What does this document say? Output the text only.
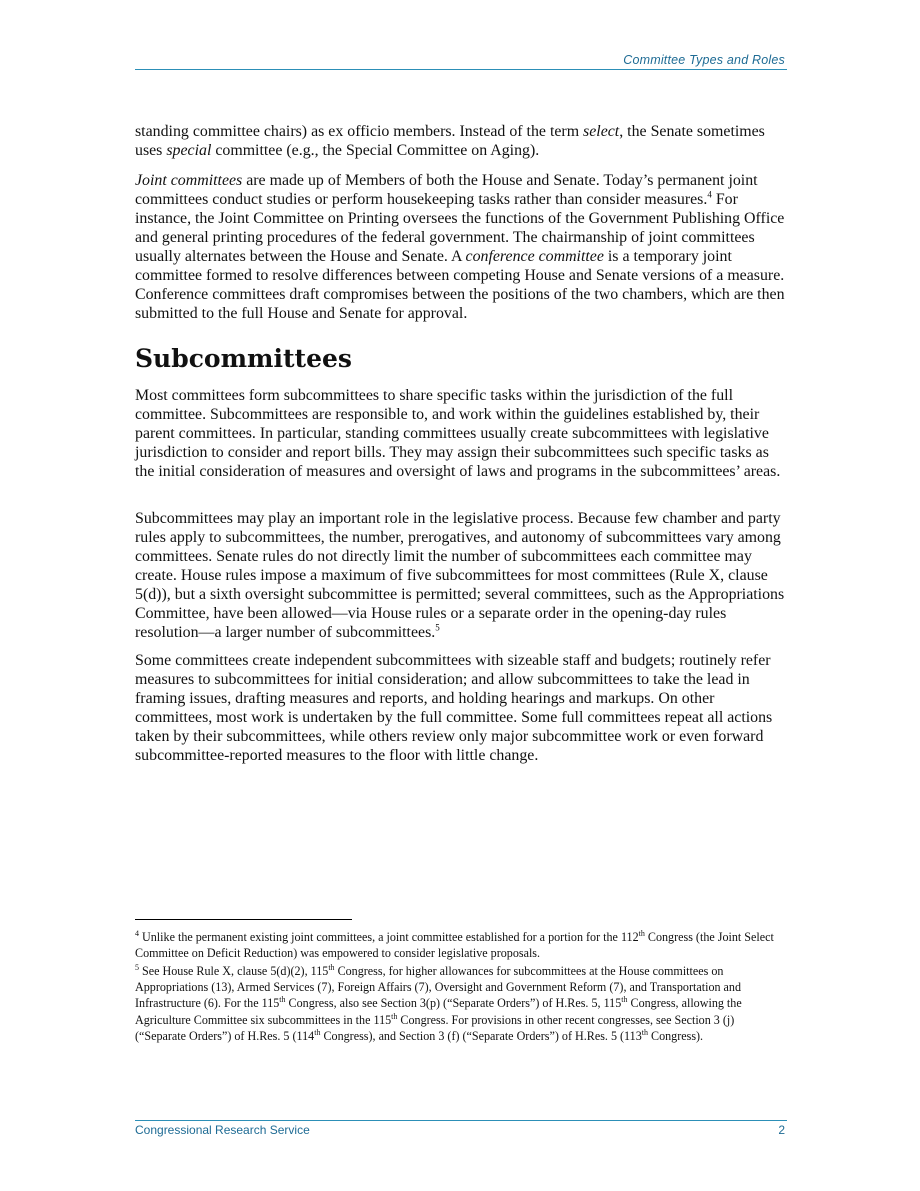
Committee Types and Roles

standing committee chairs) as ex officio members. Instead of the term select, the Senate sometimes uses special committee (e.g., the Special Committee on Aging).

Joint committees are made up of Members of both the House and Senate. Today’s permanent joint committees conduct studies or perform housekeeping tasks rather than consider measures.$^4$ For instance, the Joint Committee on Printing oversees the functions of the Government Publishing Office and general printing procedures of the federal government. The chairmanship of joint committees usually alternates between the House and Senate. A conference committee is a temporary joint committee formed to resolve differences between competing House and Senate versions of a measure. Conference committees draft compromises between the positions of the two chambers, which are then submitted to the full House and Senate for approval.

Subcommittees

Most committees form subcommittees to share specific tasks within the jurisdiction of the full committee. Subcommittees are responsible to, and work within the guidelines established by, their parent committees. In particular, standing committees usually create subcommittees with legislative jurisdiction to consider and report bills. They may assign their subcommittees such specific tasks as the initial consideration of measures and oversight of laws and programs in the subcommittees’ areas.

Subcommittees may play an important role in the legislative process. Because few chamber and party rules apply to subcommittees, the number, prerogatives, and autonomy of subcommittees vary among committees. Senate rules do not directly limit the number of subcommittees each committee may create. House rules impose a maximum of five subcommittees for most committees (Rule X, clause 5(d)), but a sixth oversight subcommittee is permitted; several committees, such as the Appropriations Committee, have been allowed—via House rules or a separate order in the opening-day rules resolution—a larger number of subcommittees.$^5$

Some committees create independent subcommittees with sizeable staff and budgets; routinely refer measures to subcommittees for initial consideration; and allow subcommittees to take the lead in framing issues, drafting measures and reports, and holding hearings and markups. On other committees, most work is undertaken by the full committee. Some full committees repeat all actions taken by their subcommittees, while others review only major subcommittee work or even forward subcommittee-reported measures to the floor with little change.

$^4$ Unlike the permanent existing joint committees, a joint committee established for a portion for the 112th Congress (the Joint Select Committee on Deficit Reduction) was empowered to consider legislative proposals.

$^5$ See House Rule X, clause 5(d)(2), 115th Congress, for higher allowances for subcommittees at the House committees on Appropriations (13), Armed Services (7), Foreign Affairs (7), Oversight and Government Reform (7), and Transportation and Infrastructure (6). For the 115th Congress, also see Section 3(p) (“Separate Orders”) of H.Res. 5, 115th Congress, allowing the Agriculture Committee six subcommittees in the 115th Congress. For provisions in other recent congresses, see Section 3 (j) (“Separate Orders”) of H.Res. 5 (114th Congress), and Section 3 (f) (“Separate Orders”) of H.Res. 5 (113th Congress).

Congressional Research Service	2
